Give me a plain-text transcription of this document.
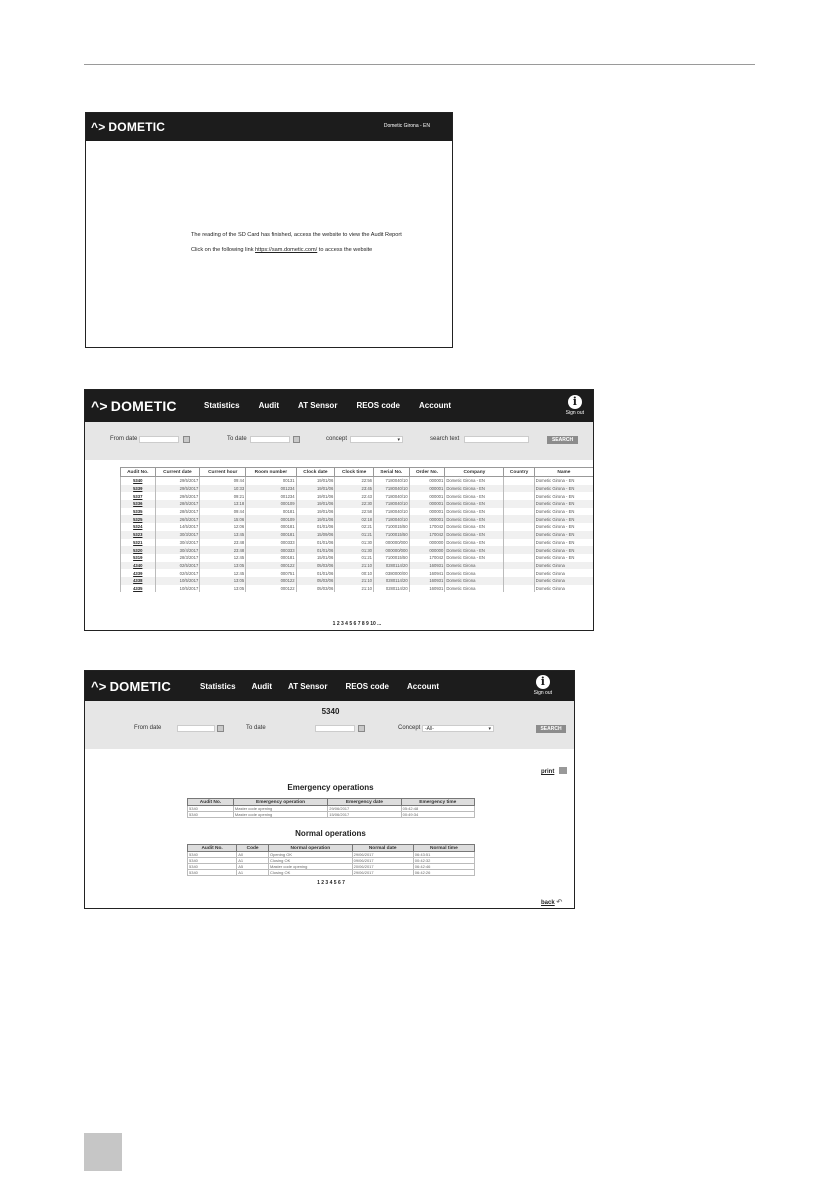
^> DOMETIC	Dometic Girona - EN
The reading of the SD Card has finished, access the website to view the Audit Report
Click on the following link https://sam.dometic.com/ to access the website
^> DOMETIC	Statistics Audit AT Sensor REOS code Account	i
Sign out
From date	To date	concept	▾	search text	SEARCH
Audit No.	Current date	Current hour	Room number	Clock date	Clock time	Serial No.	Order No.	Company	Country	Name
5340	29/5/2017	09:44	00131	19/01/06	22:56	7180040/10	000001	Dometic Girona - EN		Dometic Girona - EN
5339	29/5/2017	10:33	001234	19/01/06	23:45	7180040/10	000001	Dometic Girona - EN		Dometic Girona - EN
5337	29/5/2017	09:21	001234	19/01/06	22:43	7180040/10	000001	Dometic Girona - EN		Dometic Girona - EN
5336	28/5/2017	13:18	000109	19/01/06	22:30	7180040/10	000001	Dometic Girona - EN		Dometic Girona - EN
5335	28/5/2017	09:44	00181	19/01/06	22:58	7180040/10	000001	Dometic Girona - EN		Dometic Girona - EN
5325	26/5/2017	15:06	000109	19/01/06	02:18	7180040/10	000001	Dometic Girona - EN		Dometic Girona - EN
5324	14/5/2017	12:06	000181	01/01/06	02:21	7100015/50	170042	Dometic Girona - EN		Dometic Girona - EN
5323	30/3/2017	13:45	000181	15/09/06	01:21	7100015/50	170042	Dometic Girona - EN		Dometic Girona - EN
5321	30/4/2017	23:48	000333	01/01/06	01:30	000000/000	000000	Dometic Girona - EN		Dometic Girona - EN
5320	30/4/2017	23:48	000333	01/01/06	01:30	000000/000	000000	Dometic Girona - EN		Dometic Girona - EN
5319	28/3/2017	12:45	000181	15/01/06	01:21	7100015/50	170042	Dometic Girona - EN		Dometic Girona - EN
4340	02/5/2017	13:05	000122	05/03/06	21:10	0280114/20	160931	Dometic Girona		Dometic Girona
4339	02/5/2017	12:45	000751	01/01/06	00:10	0380000/00	160941	Dometic Girona		Dometic Girona
4338	10/5/2017	13:05	000122	05/03/06	21:10	0280114/20	160931	Dometic Girona		Dometic Girona
4335	10/5/2017	13:05	000122	05/03/06	21:10	0280114/20	160931	Dometic Girona		Dometic Girona
1 2 3 4 5 6 7 8 9 10 ...
^> DOMETIC	Statistics Audit AT Sensor REOS code Account	i
Sign out
5340
From date	To date	Concept -All-	▾	SEARCH
print
Emergency operations
Audit No.	Emergency operation	Emergency date	Emergency time
5340	Master code opening	29/06/2017	05:42:48
5340	Master code opening	15/06/2017	00:49:34
Normal operations
Audit No.	Code	Normal operation	Normal date	Normal time
5340	A0	Opening OK	29/06/2017	06:43:51
5340	A1	Closing OK	09/06/2017	00:42:32
5340	A5	Master code opening	20/06/2017	06:42:46
5340	A1	Closing OK	29/06/2017	06:42:26
1 2 3 4 5 6 7
back ↶
